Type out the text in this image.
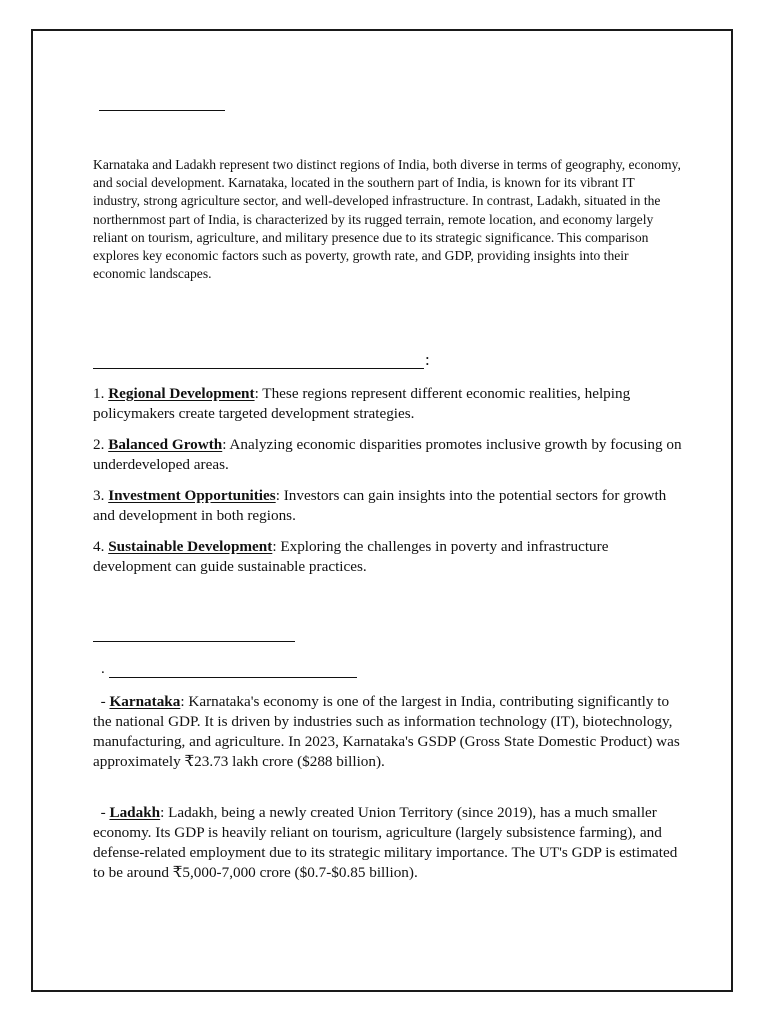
Karnataka and Ladakh represent two distinct regions of India, both diverse in terms of geography, economy, and social development. Karnataka, located in the southern part of India, is known for its vibrant IT industry, strong agriculture sector, and well-developed infrastructure. In contrast, Ladakh, situated in the northernmost part of India, is characterized by its rugged terrain, remote location, and economy largely reliant on tourism, agriculture, and military presence due to its strategic significance. This comparison explores key economic factors such as poverty, growth rate, and GDP, providing insights into their economic landscapes.

:

1. Regional Development: These regions represent different economic realities, helping policymakers create targeted development strategies.

2. Balanced Growth: Analyzing economic disparities promotes inclusive growth by focusing on underdeveloped areas.

3. Investment Opportunities: Investors can gain insights into the potential sectors for growth and development in both regions.

4. Sustainable Development: Exploring the challenges in poverty and infrastructure development can guide sustainable practices.

.

- Karnataka: Karnataka's economy is one of the largest in India, contributing significantly to the national GDP. It is driven by industries such as information technology (IT), biotechnology, manufacturing, and agriculture. In 2023, Karnataka's GSDP (Gross State Domestic Product) was approximately ₹23.73 lakh crore ($288 billion).

- Ladakh: Ladakh, being a newly created Union Territory (since 2019), has a much smaller economy. Its GDP is heavily reliant on tourism, agriculture (largely subsistence farming), and defense-related employment due to its strategic military importance. The UT's GDP is estimated to be around ₹5,000-7,000 crore ($0.7-$0.85 billion).
